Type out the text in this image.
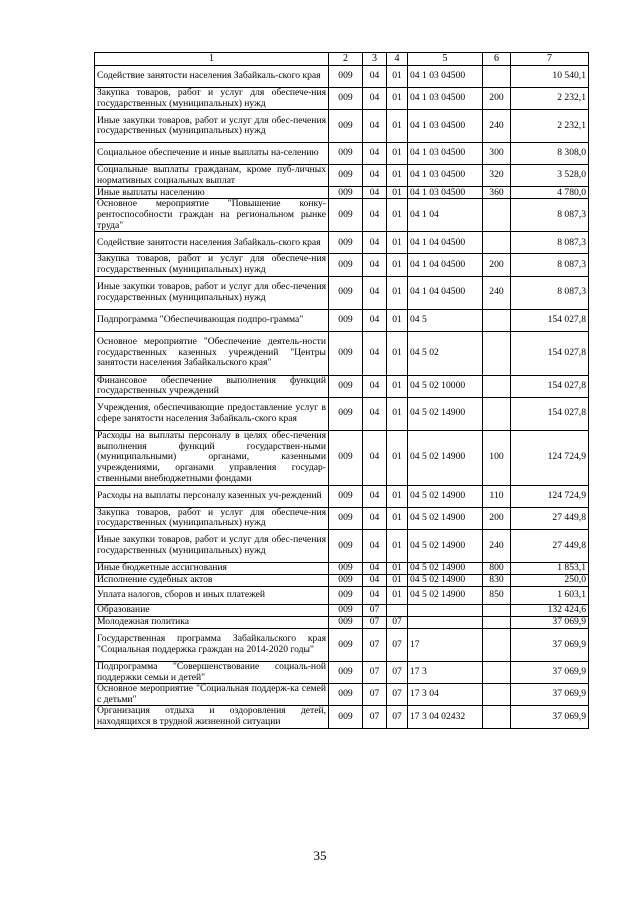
1	2	3	4	5	6	7
Содействие занятости населения Забайкаль-ского края	009	04	01	04 1 03 04500		10 540,1
Закупка товаров, работ и услуг для обеспече-ния государственных (муниципальных) нужд	009	04	01	04 1 03 04500	200	2 232,1
Иные закупки товаров, работ и услуг для обес-печения государственных (муниципальных) нужд	009	04	01	04 1 03 04500	240	2 232,1
Социальное обеспечение и иные выплаты на-селению	009	04	01	04 1 03 04500	300	8 308,0
Социальные выплаты гражданам, кроме пуб-личных нормативных социальных выплат	009	04	01	04 1 03 04500	320	3 528,0
Иные выплаты населению	009	04	01	04 1 03 04500	360	4 780,0
Основное мероприятие "Повышение конку-рентоспособности граждан на региональном рынке труда"	009	04	01	04 1 04		8 087,3
Содействие занятости населения Забайкаль-ского края	009	04	01	04 1 04 04500		8 087,3
Закупка товаров, работ и услуг для обеспече-ния государственных (муниципальных) нужд	009	04	01	04 1 04 04500	200	8 087,3
Иные закупки товаров, работ и услуг для обес-печения государственных (муниципальных) нужд	009	04	01	04 1 04 04500	240	8 087,3
Подпрограмма "Обеспечивающая подпро-грамма"	009	04	01	04 5		154 027,8
Основное мероприятие "Обеспечение деятель-ности государственных казенных учреждений "Центры занятости населения Забайкальского края"	009	04	01	04 5 02		154 027,8
Финансовое обеспечение выполнения функций государственных учреждений	009	04	01	04 5 02 10000		154 027,8
Учреждения, обеспечивающие предоставление услуг в сфере занятости населения Забайкаль-ского края	009	04	01	04 5 02 14900		154 027,8
Расходы на выплаты персоналу в целях обес-печения выполнения функций государствен-ными (муниципальными) органами, казенными учреждениями, органами управления государ-ственными внебюджетными фондами	009	04	01	04 5 02 14900	100	124 724,9
Расходы на выплаты персоналу казенных уч-реждений	009	04	01	04 5 02 14900	110	124 724,9
Закупка товаров, работ и услуг для обеспече-ния государственных (муниципальных) нужд	009	04	01	04 5 02 14900	200	27 449,8
Иные закупки товаров, работ и услуг для обес-печения государственных (муниципальных) нужд	009	04	01	04 5 02 14900	240	27 449,8
Иные бюджетные ассигнования	009	04	01	04 5 02 14900	800	1 853,1
Исполнение судебных актов	009	04	01	04 5 02 14900	830	250,0
Уплата налогов, сборов и иных платежей	009	04	01	04 5 02 14900	850	1 603,1
Образование	009	07				132 424,6
Молодежная политика	009	07	07			37 069,9
Государственная программа Забайкальского края "Социальная поддержка граждан на 2014-2020 годы"	009	07	07	17		37 069,9
Подпрограмма "Совершенствование социаль-ной поддержки семьи и детей"	009	07	07	17 3		37 069,9
Основное мероприятие "Социальная поддерж-ка семей с детьми"	009	07	07	17 3 04		37 069,9
Организация отдыха и оздоровления детей, находящихся в трудной жизненной ситуации	009	07	07	17 3 04 02432		37 069,9
35
